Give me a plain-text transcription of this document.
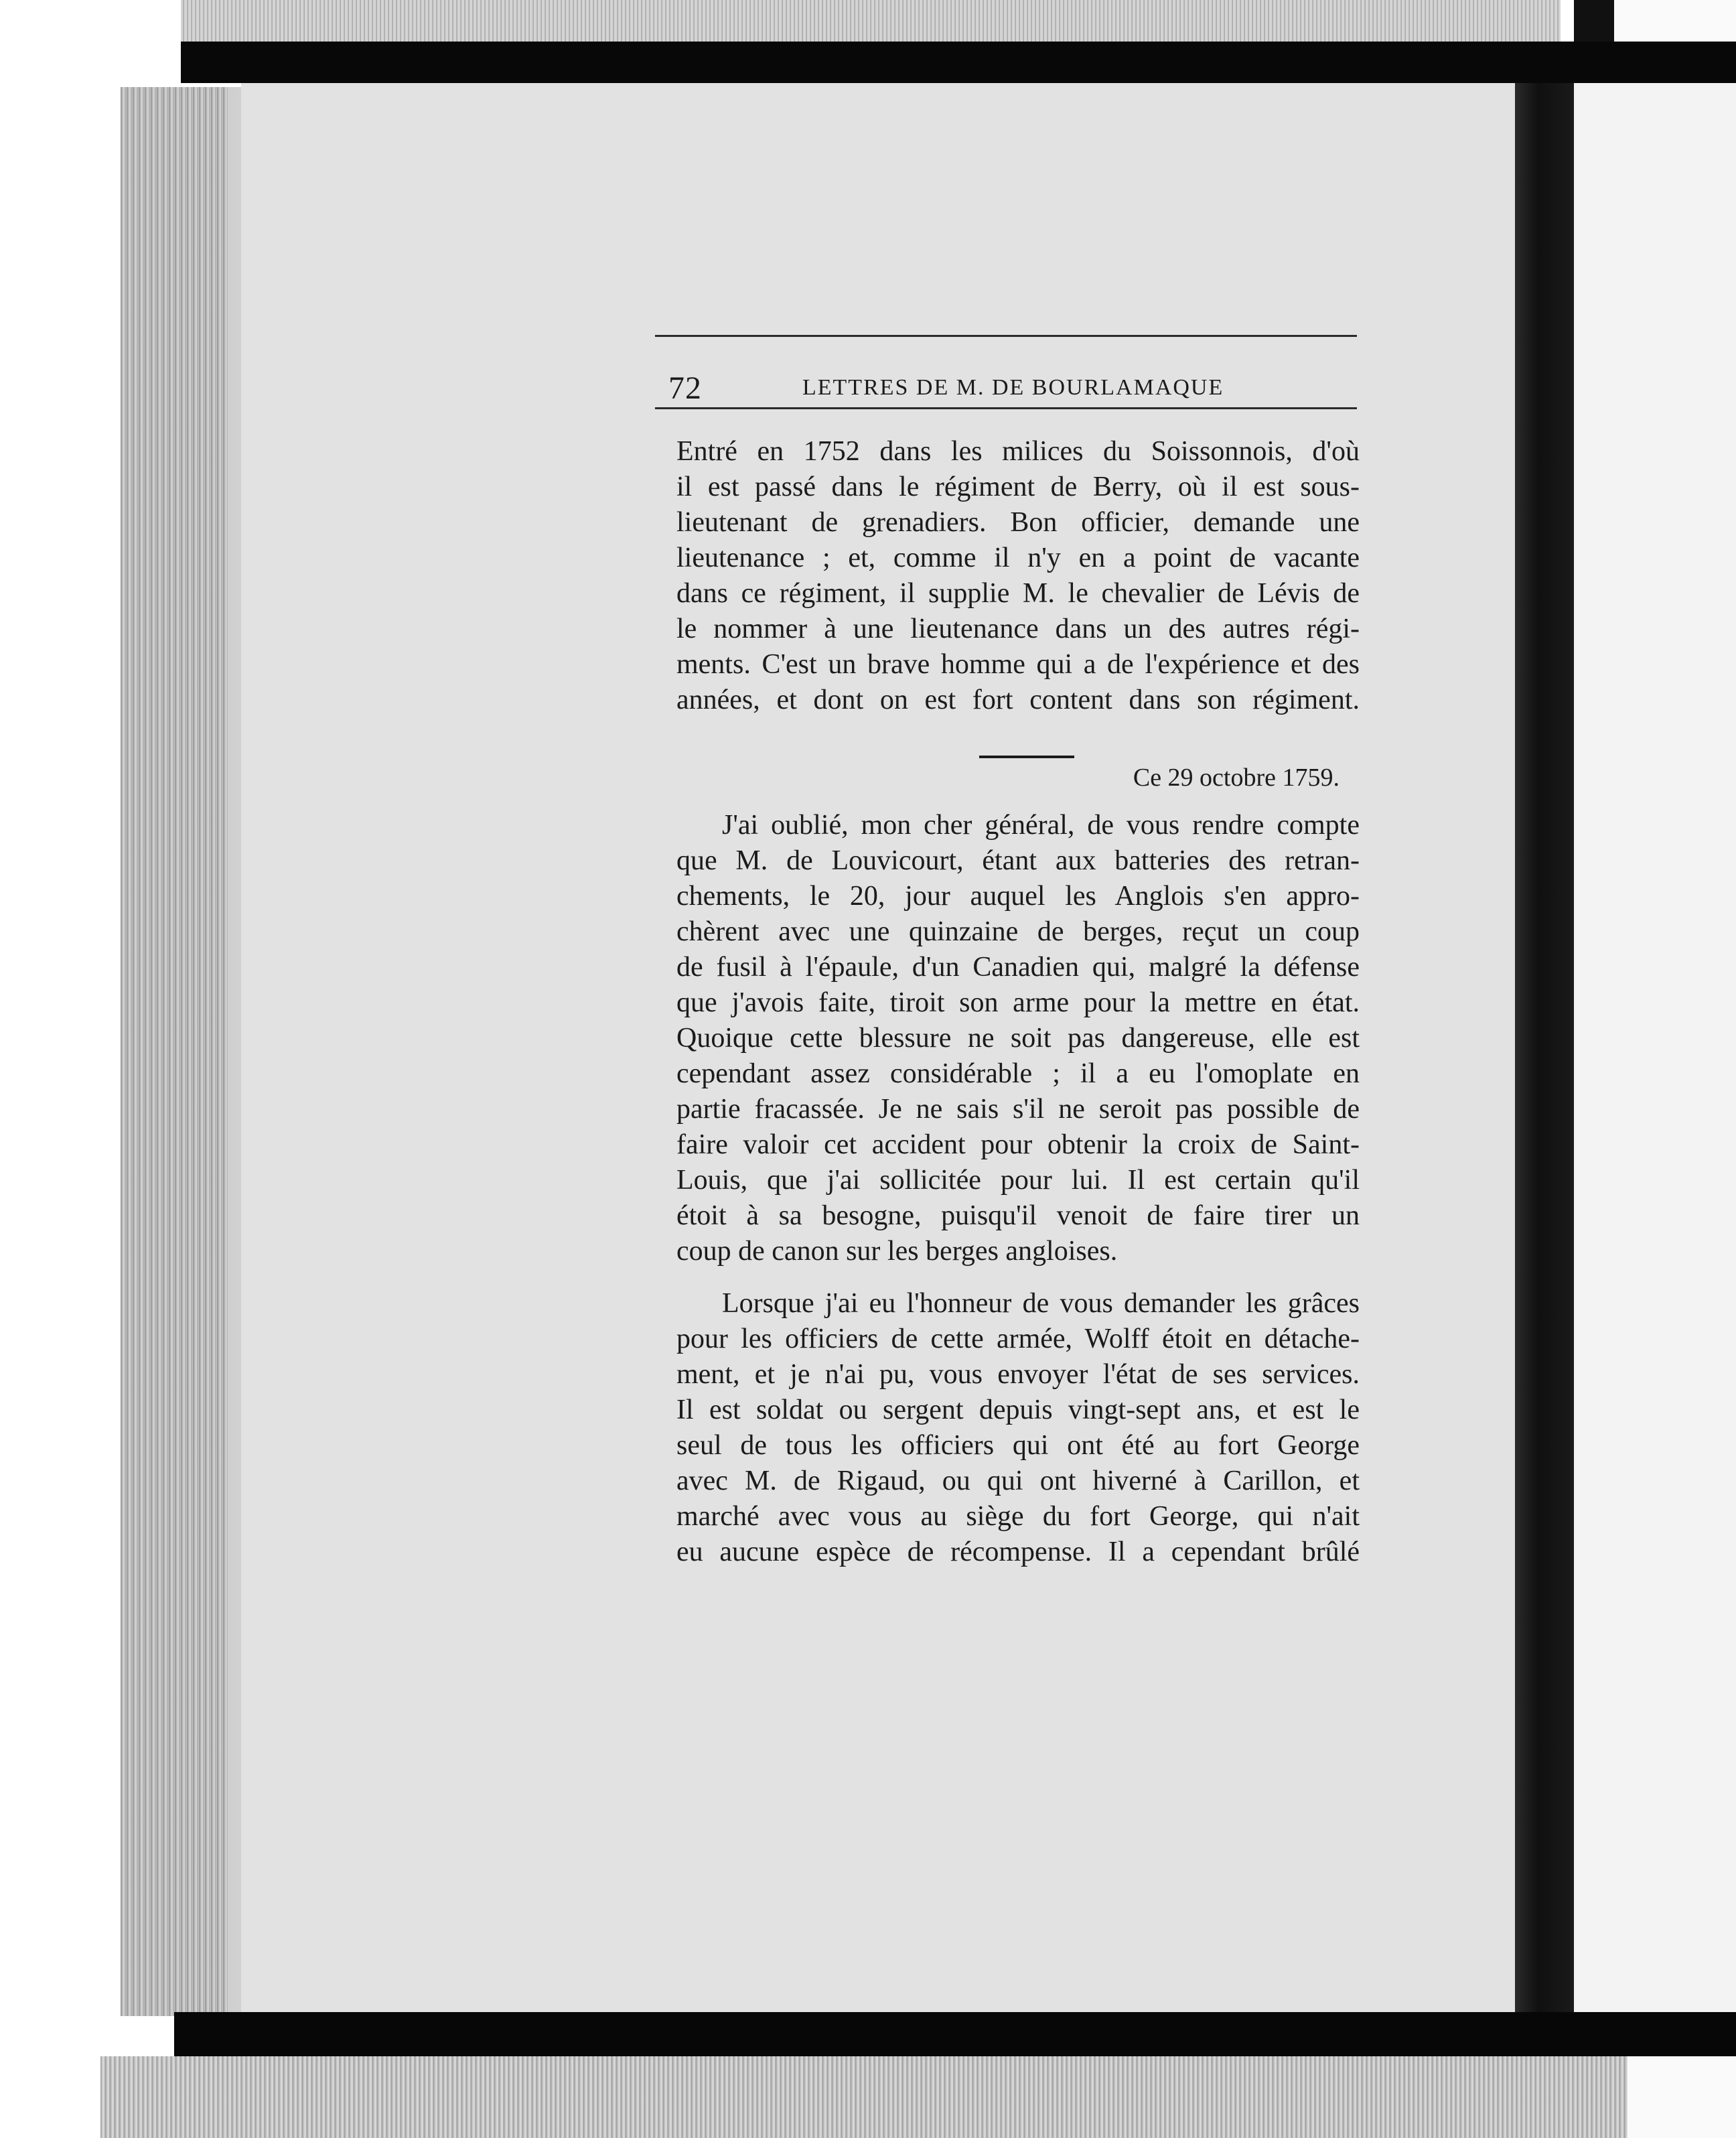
72	LETTRES DE M. DE BOURLAMAQUE

Entré en 1752 dans les milices du Soissonnois, d'où

il est passé dans le régiment de Berry, où il est sous-

lieutenant de grenadiers. Bon officier, demande une

lieutenance ; et, comme il n'y en a point de vacante

dans ce régiment, il supplie M. le chevalier de Lévis de

le nommer à une lieutenance dans un des autres régi-

ments. C'est un brave homme qui a de l'expérience et des

années, et dont on est fort content dans son régiment.

Ce 29 octobre 1759.

J'ai oublié, mon cher général, de vous rendre compte

que M. de Louvicourt, étant aux batteries des retran-

chements, le 20, jour auquel les Anglois s'en appro-

chèrent avec une quinzaine de berges, reçut un coup

de fusil à l'épaule, d'un Canadien qui, malgré la défense

que j'avois faite, tiroit son arme pour la mettre en état.

Quoique cette blessure ne soit pas dangereuse, elle est

cependant assez considérable ; il a eu l'omoplate en

partie fracassée. Je ne sais s'il ne seroit pas possible de

faire valoir cet accident pour obtenir la croix de Saint-

Louis, que j'ai sollicitée pour lui. Il est certain qu'il

étoit à sa besogne, puisqu'il venoit de faire tirer un

coup de canon sur les berges angloises.

Lorsque j'ai eu l'honneur de vous demander les grâces

pour les officiers de cette armée, Wolff étoit en détache-

ment, et je n'ai pu, vous envoyer l'état de ses services.

Il est soldat ou sergent depuis vingt-sept ans, et est le

seul de tous les officiers qui ont été au fort George

avec M. de Rigaud, ou qui ont hiverné à Carillon, et

marché avec vous au siège du fort George, qui n'ait

eu aucune espèce de récompense. Il a cependant brûlé
